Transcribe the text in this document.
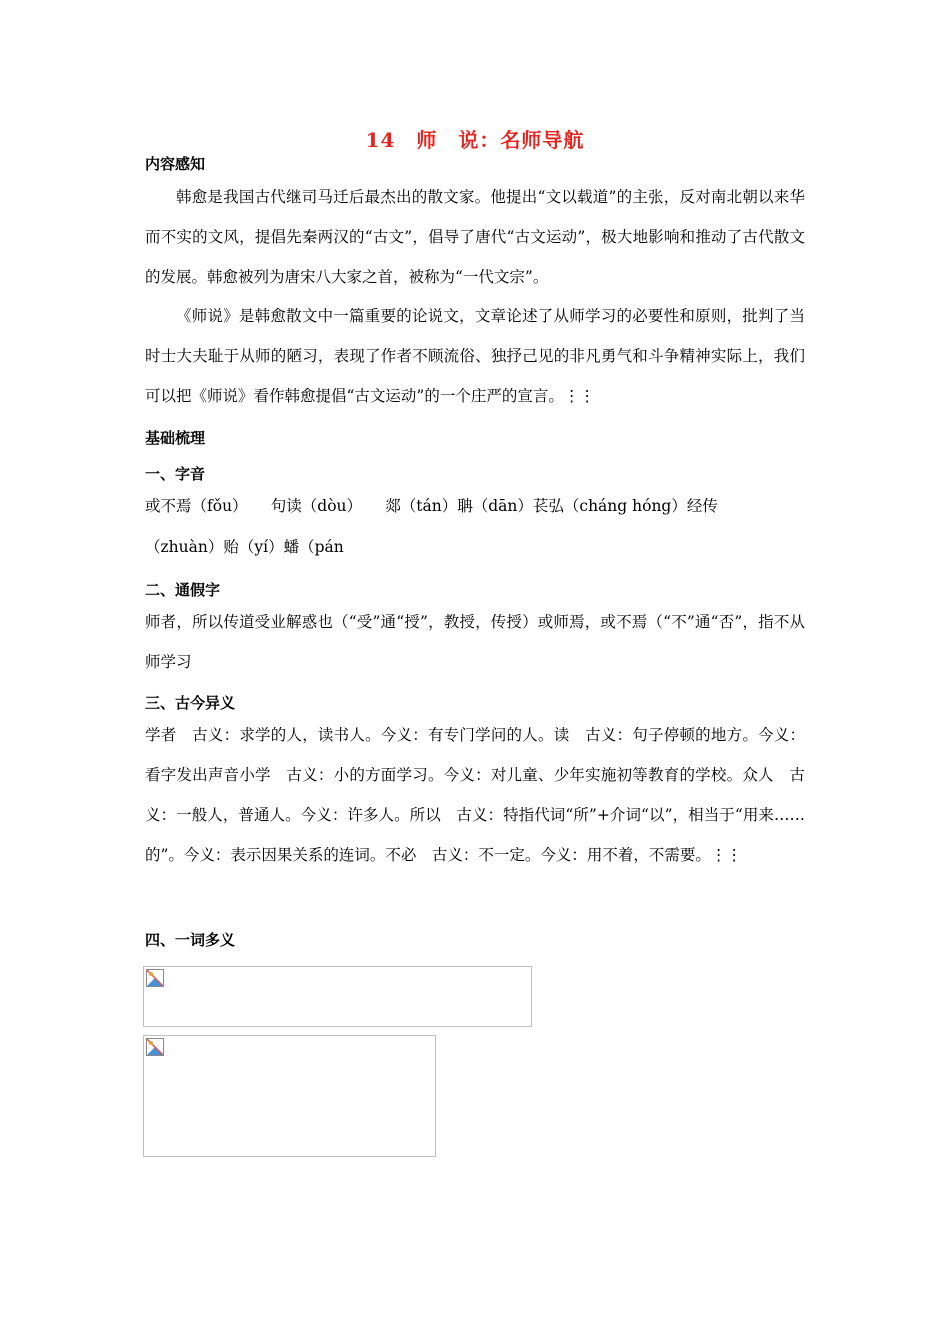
14　师　说：名师导航
内容感知

韩愈是我国古代继司马迁后最杰出的散文家。他提出“文以载道”的主张，反对南北朝以来华而不实的文风，提倡先秦两汉的“古文”，倡导了唐代“古文运动”，极大地影响和推动了古代散文的发展。韩愈被列为唐宋八大家之首，被称为“一代文宗”。

《师说》是韩愈散文中一篇重要的论说文，文章论述了从师学习的必要性和原则，批判了当时士大夫耻于从师的陋习，表现了作者不顾流俗、独抒己见的非凡勇气和斗争精神实际上，我们可以把《师说》看作韩愈提倡“古文运动”的一个庄严的宣言。⋮⋮

基础梳理
一、字音
或不焉（fǒu）　　句读（dòu）　　郯（tán）聃（dān）苌弘（cháng hóng）经传
（zhuàn）贻（yí）蟠（pán
二、通假字

师者，所以传道受业解惑也（“受”通“授”，教授，传授）或师焉，或不焉（“不”通“否”，指不从师学习

三、古今异义

学者　古义：求学的人，读书人。今义：有专门学问的人。读　古义：句子停顿的地方。今义：看字发出声音小学　古义：小的方面学习。今义：对儿童、少年实施初等教育的学校。众人　古义：一般人，普通人。今义：许多人。所以　古义：特指代词“所”+介词“以”，相当于“用来……的”。今义：表示因果关系的连词。不必　古义：不一定。今义：用不着，不需要。⋮⋮

四、一词多义
